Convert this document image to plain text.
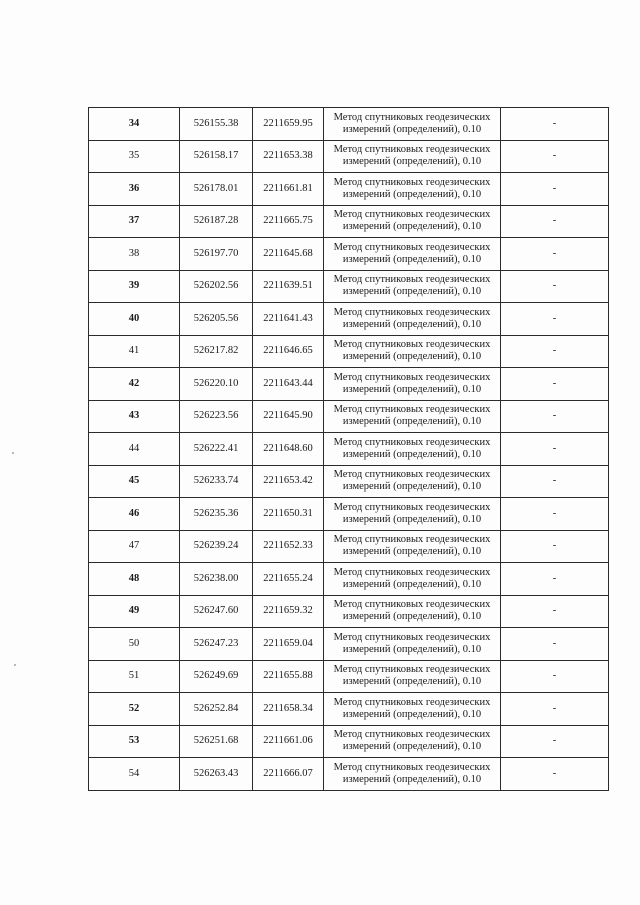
34	526155.38	2211659.95	Метод спутниковых геодезических
измерений (определений), 0.10	-
35	526158.17	2211653.38	Метод спутниковых геодезических
измерений (определений), 0.10	-
36	526178.01	2211661.81	Метод спутниковых геодезических
измерений (определений), 0.10	-
37	526187.28	2211665.75	Метод спутниковых геодезических
измерений (определений), 0.10	-
38	526197.70	2211645.68	Метод спутниковых геодезических
измерений (определений), 0.10	-
39	526202.56	2211639.51	Метод спутниковых геодезических
измерений (определений), 0.10	-
40	526205.56	2211641.43	Метод спутниковых геодезических
измерений (определений), 0.10	-
41	526217.82	2211646.65	Метод спутниковых геодезических
измерений (определений), 0.10	-
42	526220.10	2211643.44	Метод спутниковых геодезических
измерений (определений), 0.10	-
43	526223.56	2211645.90	Метод спутниковых геодезических
измерений (определений), 0.10	-
44	526222.41	2211648.60	Метод спутниковых геодезических
измерений (определений), 0.10	-
45	526233.74	2211653.42	Метод спутниковых геодезических
измерений (определений), 0.10	-
46	526235.36	2211650.31	Метод спутниковых геодезических
измерений (определений), 0.10	-
47	526239.24	2211652.33	Метод спутниковых геодезических
измерений (определений), 0.10	-
48	526238.00	2211655.24	Метод спутниковых геодезических
измерений (определений), 0.10	-
49	526247.60	2211659.32	Метод спутниковых геодезических
измерений (определений), 0.10	-
50	526247.23	2211659.04	Метод спутниковых геодезических
измерений (определений), 0.10	-
51	526249.69	2211655.88	Метод спутниковых геодезических
измерений (определений), 0.10	-
52	526252.84	2211658.34	Метод спутниковых геодезических
измерений (определений), 0.10	-
53	526251.68	2211661.06	Метод спутниковых геодезических
измерений (определений), 0.10	-
54	526263.43	2211666.07	Метод спутниковых геодезических
измерений (определений), 0.10	-
